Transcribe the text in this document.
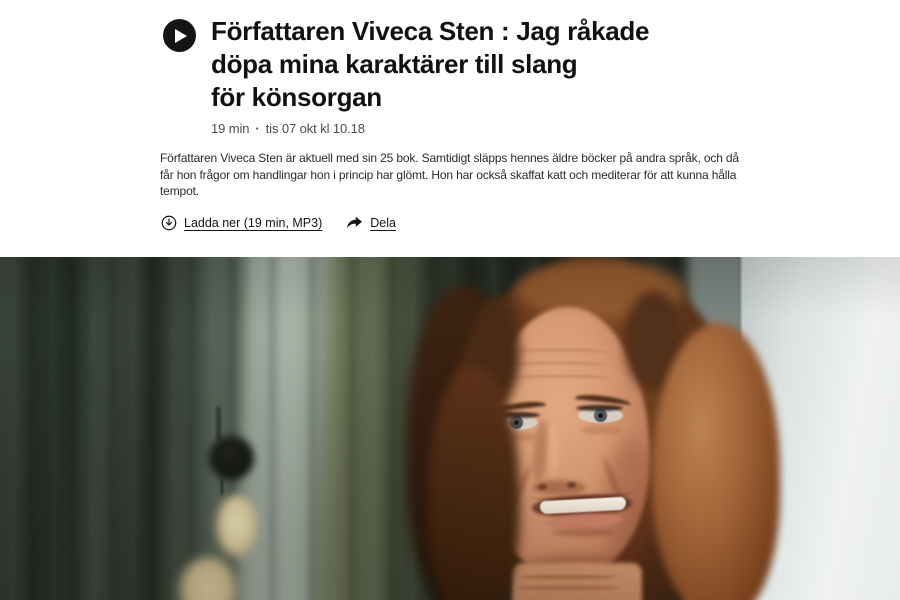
Författaren Viveca Sten : Jag råkade
döpa mina karaktärer till slang
för könsorgan
19 min · tis 07 okt kl 10.18

Författaren Viveca Sten är aktuell med sin 25 bok. Samtidigt släpps hennes äldre böcker på andra språk, och då
får hon frågor om handlingar hon i princip har glömt. Hon har också skaffat katt och mediterar för att kunna hålla
tempot.

Ladda ner (19 min, MP3)	Dela
